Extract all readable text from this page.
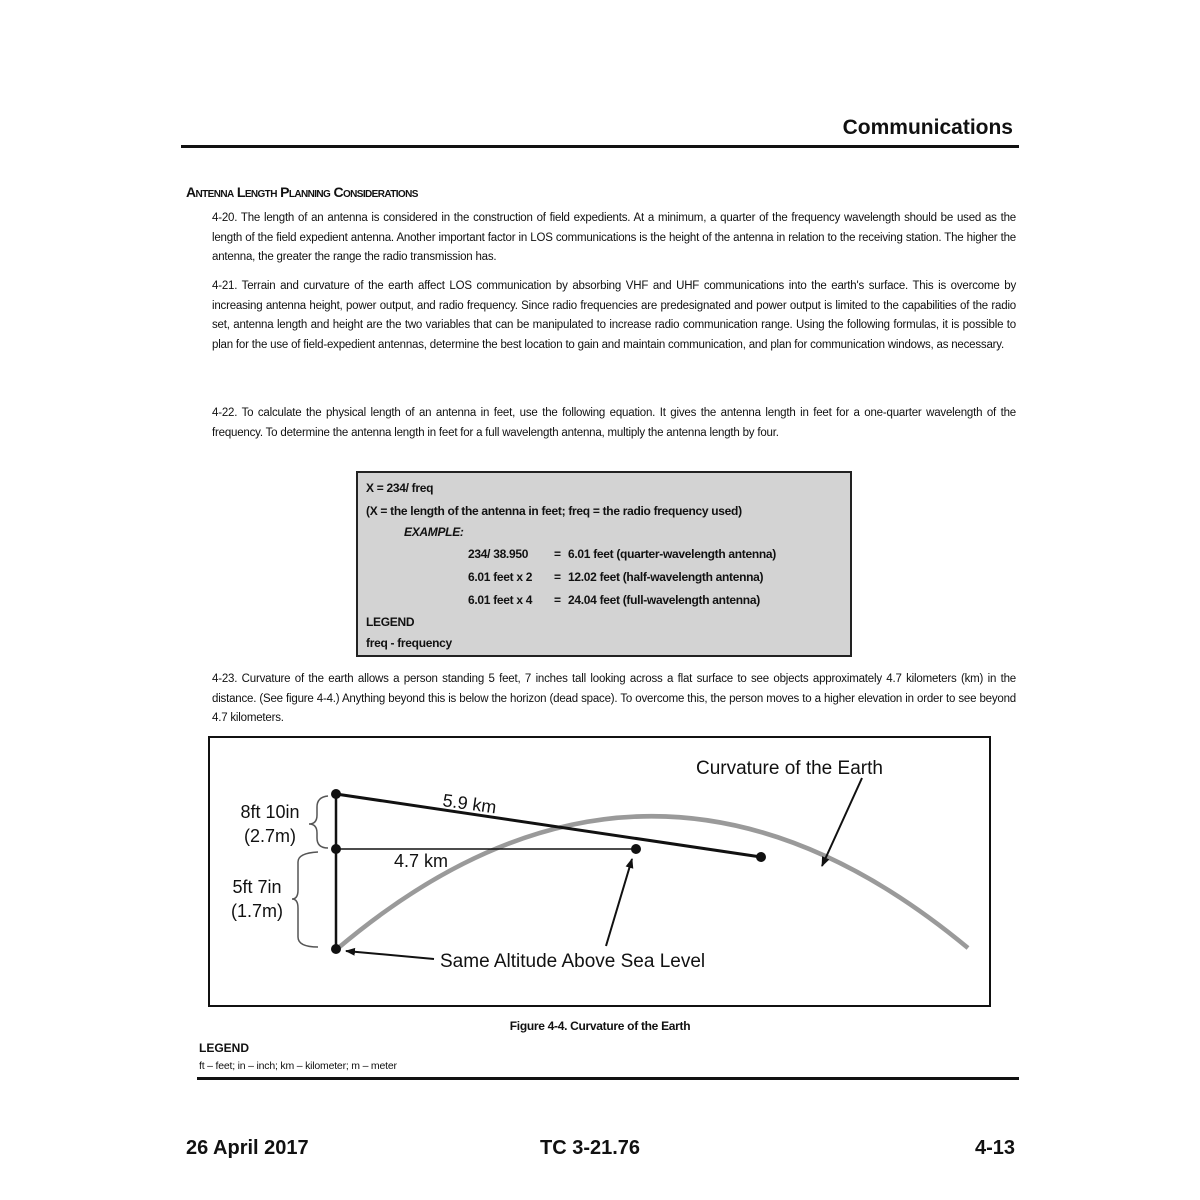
Communications
Antenna Length Planning Considerations
4-20. The length of an antenna is considered in the construction of field expedients. At a minimum, a quarter of the frequency wavelength should be used as the length of the field expedient antenna. Another important factor in LOS communications is the height of the antenna in relation to the receiving station. The higher the antenna, the greater the range the radio transmission has.
4-21. Terrain and curvature of the earth affect LOS communication by absorbing VHF and UHF communications into the earth's surface. This is overcome by increasing antenna height, power output, and radio frequency. Since radio frequencies are predesignated and power output is limited to the capabilities of the radio set, antenna length and height are the two variables that can be manipulated to increase radio communication range. Using the following formulas, it is possible to plan for the use of field-expedient antennas, determine the best location to gain and maintain communication, and plan for communication windows, as necessary.
4-22. To calculate the physical length of an antenna in feet, use the following equation. It gives the antenna length in feet for a one-quarter wavelength of the frequency. To determine the antenna length in feet for a full wavelength antenna, multiply the antenna length by four.
X = 234/ freq
(X = the length of the antenna in feet; freq = the radio frequency used)
EXAMPLE:
234/ 38.950 = 6.01 feet (quarter-wavelength antenna)
6.01 feet x 2 = 12.02 feet (half-wavelength antenna)
6.01 feet x 4 = 24.04 feet (full-wavelength antenna)
LEGEND
freq - frequency
4-23. Curvature of the earth allows a person standing 5 feet, 7 inches tall looking across a flat surface to see objects approximately 4.7 kilometers (km) in the distance. (See figure 4-4.) Anything beyond this is below the horizon (dead space). To overcome this, the person moves to a higher elevation in order to see beyond 4.7 kilometers.
Curvature of the Earth
5.9 km
4.7 km
8ft 10in
(2.7m)
5ft 7in
(1.7m)
Same Altitude Above Sea Level
Figure 4-4. Curvature of the Earth
LEGEND
ft – feet; in – inch; km – kilometer; m – meter
26 April 2017	TC 3-21.76	4-13
